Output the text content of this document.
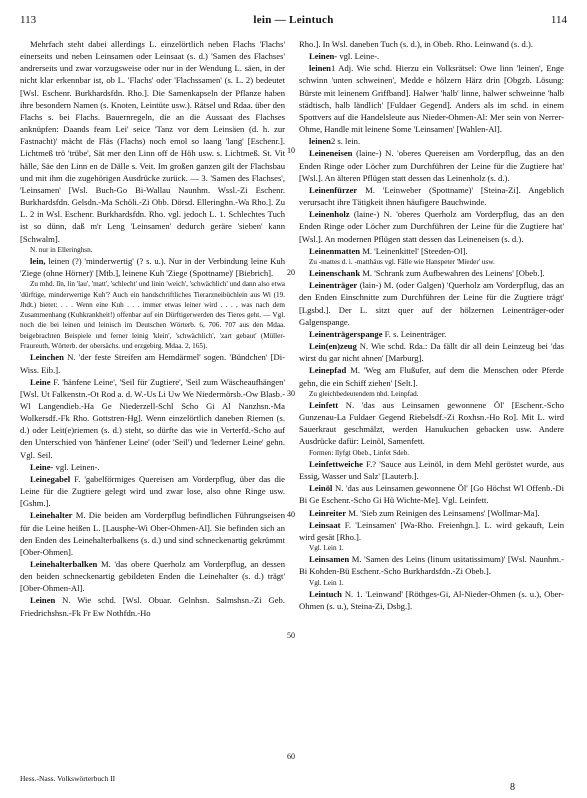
113	lein — Leintuch	114

Mehrfach steht dabei allerdings L. einzelörtlich neben Flachs 'Flachs' einerseits und neben Leinsamen oder Leinsaat (s. d.) 'Samen des Flachses' andrerseits und zwar vorzugsweise oder nur in der Wendung L. säen, in der nicht klar erkennbar ist, ob L. 'Flachs' oder 'Flachssamen' (s. L. 2) bedeutet [Wsl. Eschenr. Burkhardsfdn. Rho.]. Die Samenkapseln der Pflanze haben ihre besondern Namen (s. Knoten, Leintüte usw.). Rätsel und Rdaa. über den Flachs s. bei Flachs. Bauernregeln, die an die Aussaat des Flachses anknüpfen: Daands feam Lei' seice 'Tanz vor dem Leinsäen (d. h. zur Fastnacht)' mächt de Fläs (Flachs) noch emol so laang 'lang' [Eschenr.]. Lichtmeß trö 'trübe', Sät mer den Linn off de Höh usw. s. Lichtmeß. St. Vit hälle, Säe den Linn en de Dälle s. Veit. Im großen ganzen gilt der Flachsbau und mit ihm die zugehörigen Ausdrücke zurück. — 3. 'Samen des Flachses', 'Leinsamen' [Wsl. Buch-Go Bi-Wallau Naunhm. Wssl.-Zi Eschenr. Burkhardsfdn. Gelsdn.-Ma Schöli.-Zi Obb. Dörsd. Elleringhn.-Wa Rho.]. Zu L. 2 in Wsl. Eschenr. Burkhardsfdn. Rho. vgl. jedoch L. 1. Schlechtes Tuch ist so dünn, daß m'r Leng 'Leinsamen' dedurch geräre 'sieben' kann [Schwalm].

N. nur in Elleringhsn.

lein, leinen (?) 'minderwertig' (? s. u.). Nur in der Verbindung leine Kuh 'Ziege (ohne Hörner)' [Mtb.], leinene Kuh 'Ziege (Spottname)' [Biebrich].

Zu mhd. lîn, lin 'lau', 'matt', 'schlecht' und linin 'weich', 'schwächlich' und dann also etwa 'dürftige, minderwertige Kuh'? Auch ein handschriftliches Tierarzneibüchlein aus Wi (19. Jhdt.) bietet: . . . Wenn eine Kuh . . . immer etwas leiner wird . . . , was nach dem Zusammenhang (Kuhkrankheit!) offenbar auf ein Dürftigerwerden des Tieres geht. — Vgl. noch die bei leinen und leinisch im Deutschen Wörterb. 6, 706. 707 aus den Mdaa. beigebrachten Beispiele und ferner leinig 'klein', 'schwächlich', 'zart gebaut' (Müller-Fraureuth, Wörterb. der obersächs. und erzgebirg. Mdaa. 2, 165).

Leinchen N. 'der feste Streifen am Hemdärmel' sogen. 'Bündchen' [Di-Wiss. Eib.].

Leine F. 'hänfene Leine', 'Seil für Zugtiere', 'Seil zum Wäscheaufhängen' [Wsl. Ut Falkenstn.-Ot Rod a. d. W.-Us Li Uw We Niedermörsb.-Ow Blasb.-Wl Langendieb.-Ha Ge Niederzell-Schl Scho Gi Al Nanzhsn.-Ma Wolkersdf.-Fk Rho. Gottstren-Hg]. Wenn einzelörtlich daneben Riemen (s. d.) oder Leit(e)riemen (s. d.) steht, so dürfte das wie in Verterfd.-Scho auf den Unterschied von 'hänfener Leine' (oder 'Seil') und 'lederner Leine' gehn. Vgl. Seil.

Leine- vgl. Leinen-.

Leinegabel F. 'gabelförmiges Quereisen am Vorderpflug, über das die Leine für die Zugtiere gelegt wird und zwar lose, also ohne Ringe usw. [Gshm.].

Leinehalter M. Die beiden am Vorderpflug befindlichen Führungseisen für die Leine heißen L. [Lausphe-Wi Ober-Ohmen-Al]. Sie befinden sich an den Enden des Leinehalterbalkens (s. d.) und sind schneckenartig gekrümmt [Ober-Ohmen].

Leinehalterbalken M. 'das obere Querholz am Vorderpflug, an dessen den beiden schneckenartig gebildeten Enden die Leinehalter (s. d.) trägt' [Ober-Ohmen-Al].

Leinen N. Wie schd. [Wsl. Obuar. Gelnhsn. Salmshsn.-Zi Geb. Friedrichshsn.-Fk Fr Ew Nothfdn.-Ho

10
20
30
40
50
60

Rho.]. In Wsl. daneben Tuch (s. d.), in Obeb. Rho. Leinwand (s. d.).

Leinen- vgl. Leine-.

leinen1 Adj. Wie schd. Hierzu ein Volksrätsel: Owe linn 'leinen', Enge schwinn 'unten schweinen', Medde e hölzern Härz drin [Obgzb. Lösung: Bürste mit leinenem Griffband]. Halwer 'halb' linne, halwer schweinne 'halb städtisch, halb ländlich' [Fuldaer Gegend]. Anders als im schd. in einem Spottvers auf die Handelsleute aus Nieder-Ohmen-Al: Mer sein von Nerrer-Ohme, Handle mit leinene Some 'Leinsamen' [Wahlen-Al].

leinen2 s. lein.

Leineneisen (laine-) N. 'oberes Quereisen am Vorderpflug, das an den Enden Ringe oder Löcher zum Durchführen der Leine für die Zugtiere hat' [Wsl.]. An älteren Pflügen statt dessen das Leinenholz (s. d.).

Leinenfürzer M. 'Leinweber (Spottname)' [Steina-Zi]. Angeblich verursacht ihre Tätigkeit ihnen häufigere Bauchwinde.

Leinenholz (laine-) N. 'oberes Querholz am Vorderpflug, das an den Enden Ringe oder Löcher zum Durchführen der Leine für die Zugtiere hat' [Wsl.]. An modernen Pflügen statt dessen das Leineneisen (s. d.).

Leinenmatten M. 'Leinenkittel' [Steeden-Ol].

Zu -mattes d. i. -matthäus vgl. Fälle wie Hanspeter 'Mieder' usw.

Leinenschank M. 'Schrank zum Aufbewahren des Leinens' [Obeb.].

Leinenträger (lain-) M. (oder Galgen) 'Querholz am Vorderpflug, das an den Enden Einschnitte zum Durchführen der Leine für die Zugtiere trägt' [Lgsbd.]. Der L. sitzt quer auf der hölzernen Leinenträger-oder Galgenspange.

Leinenträgerspange F. s. Leinenträger.

Lein(en)zeug N. Wie schd. Rda.: Da fällt dir all dein Leinzeug bei 'das wirst du gar nicht ahnen' [Marburg].

Leinepfad M. 'Weg am Flußufer, auf dem die Menschen oder Pferde gehn, die ein Schiff ziehen' [Selt.].

Zu gleichbedeutendem nhd. Leinpfad.

Leinfett N. 'das aus Leinsamen gewonnene Öl' [Eschenr.-Scho Gunzenau-La Fuldaer Gegend Riebelsdf.-Zi Roxhsn.-Ho Ro]. Mit L. wird Sauerkraut geschmälzt, werden Hanukuchen gebacken usw. Andere Ausdrücke dafür: Leinöl, Samenfett.

Formen: lîyfgt Obeb., Linfet Sdeb.

Leinfettweiche F.? 'Sauce aus Leinöl, in dem Mehl geröstet wurde, aus Essig, Wasser und Salz' [Lauterb.].

Leinöl N. 'das aus Leinsamen gewonnene Öl' [Go Höchst Wl Offenb.-Di Bi Ge Eschenr.-Scho Gi Hü Wichte-Me]. Vgl. Leinfett.

Leinreiter M. 'Sieb zum Reinigen des Leinsamens' [Wollmar-Ma].

Leinsaat F. 'Leinsamen' [Wa-Rho. Freienhgn.]. L. wird gekauft, Lein wird gesät [Rho.].

Vgl. Lein 1.

Leinsamen M. 'Samen des Leins (linum usitatissimum)' [Wsl. Naunhm.-Bi Kohden-Bü Eschenr.-Scho Burkhardsfdn.-Zi Obeb.].

Vgl. Lein 1.

Leintuch N. 1. 'Leinwand' [Röthges-Gi, Al-Nieder-Ohmen (s. u.), Ober-Ohmen (s. u.), Steina-Zi, Dsbg.].

Hess.-Nass. Volkswörterbuch II
8
